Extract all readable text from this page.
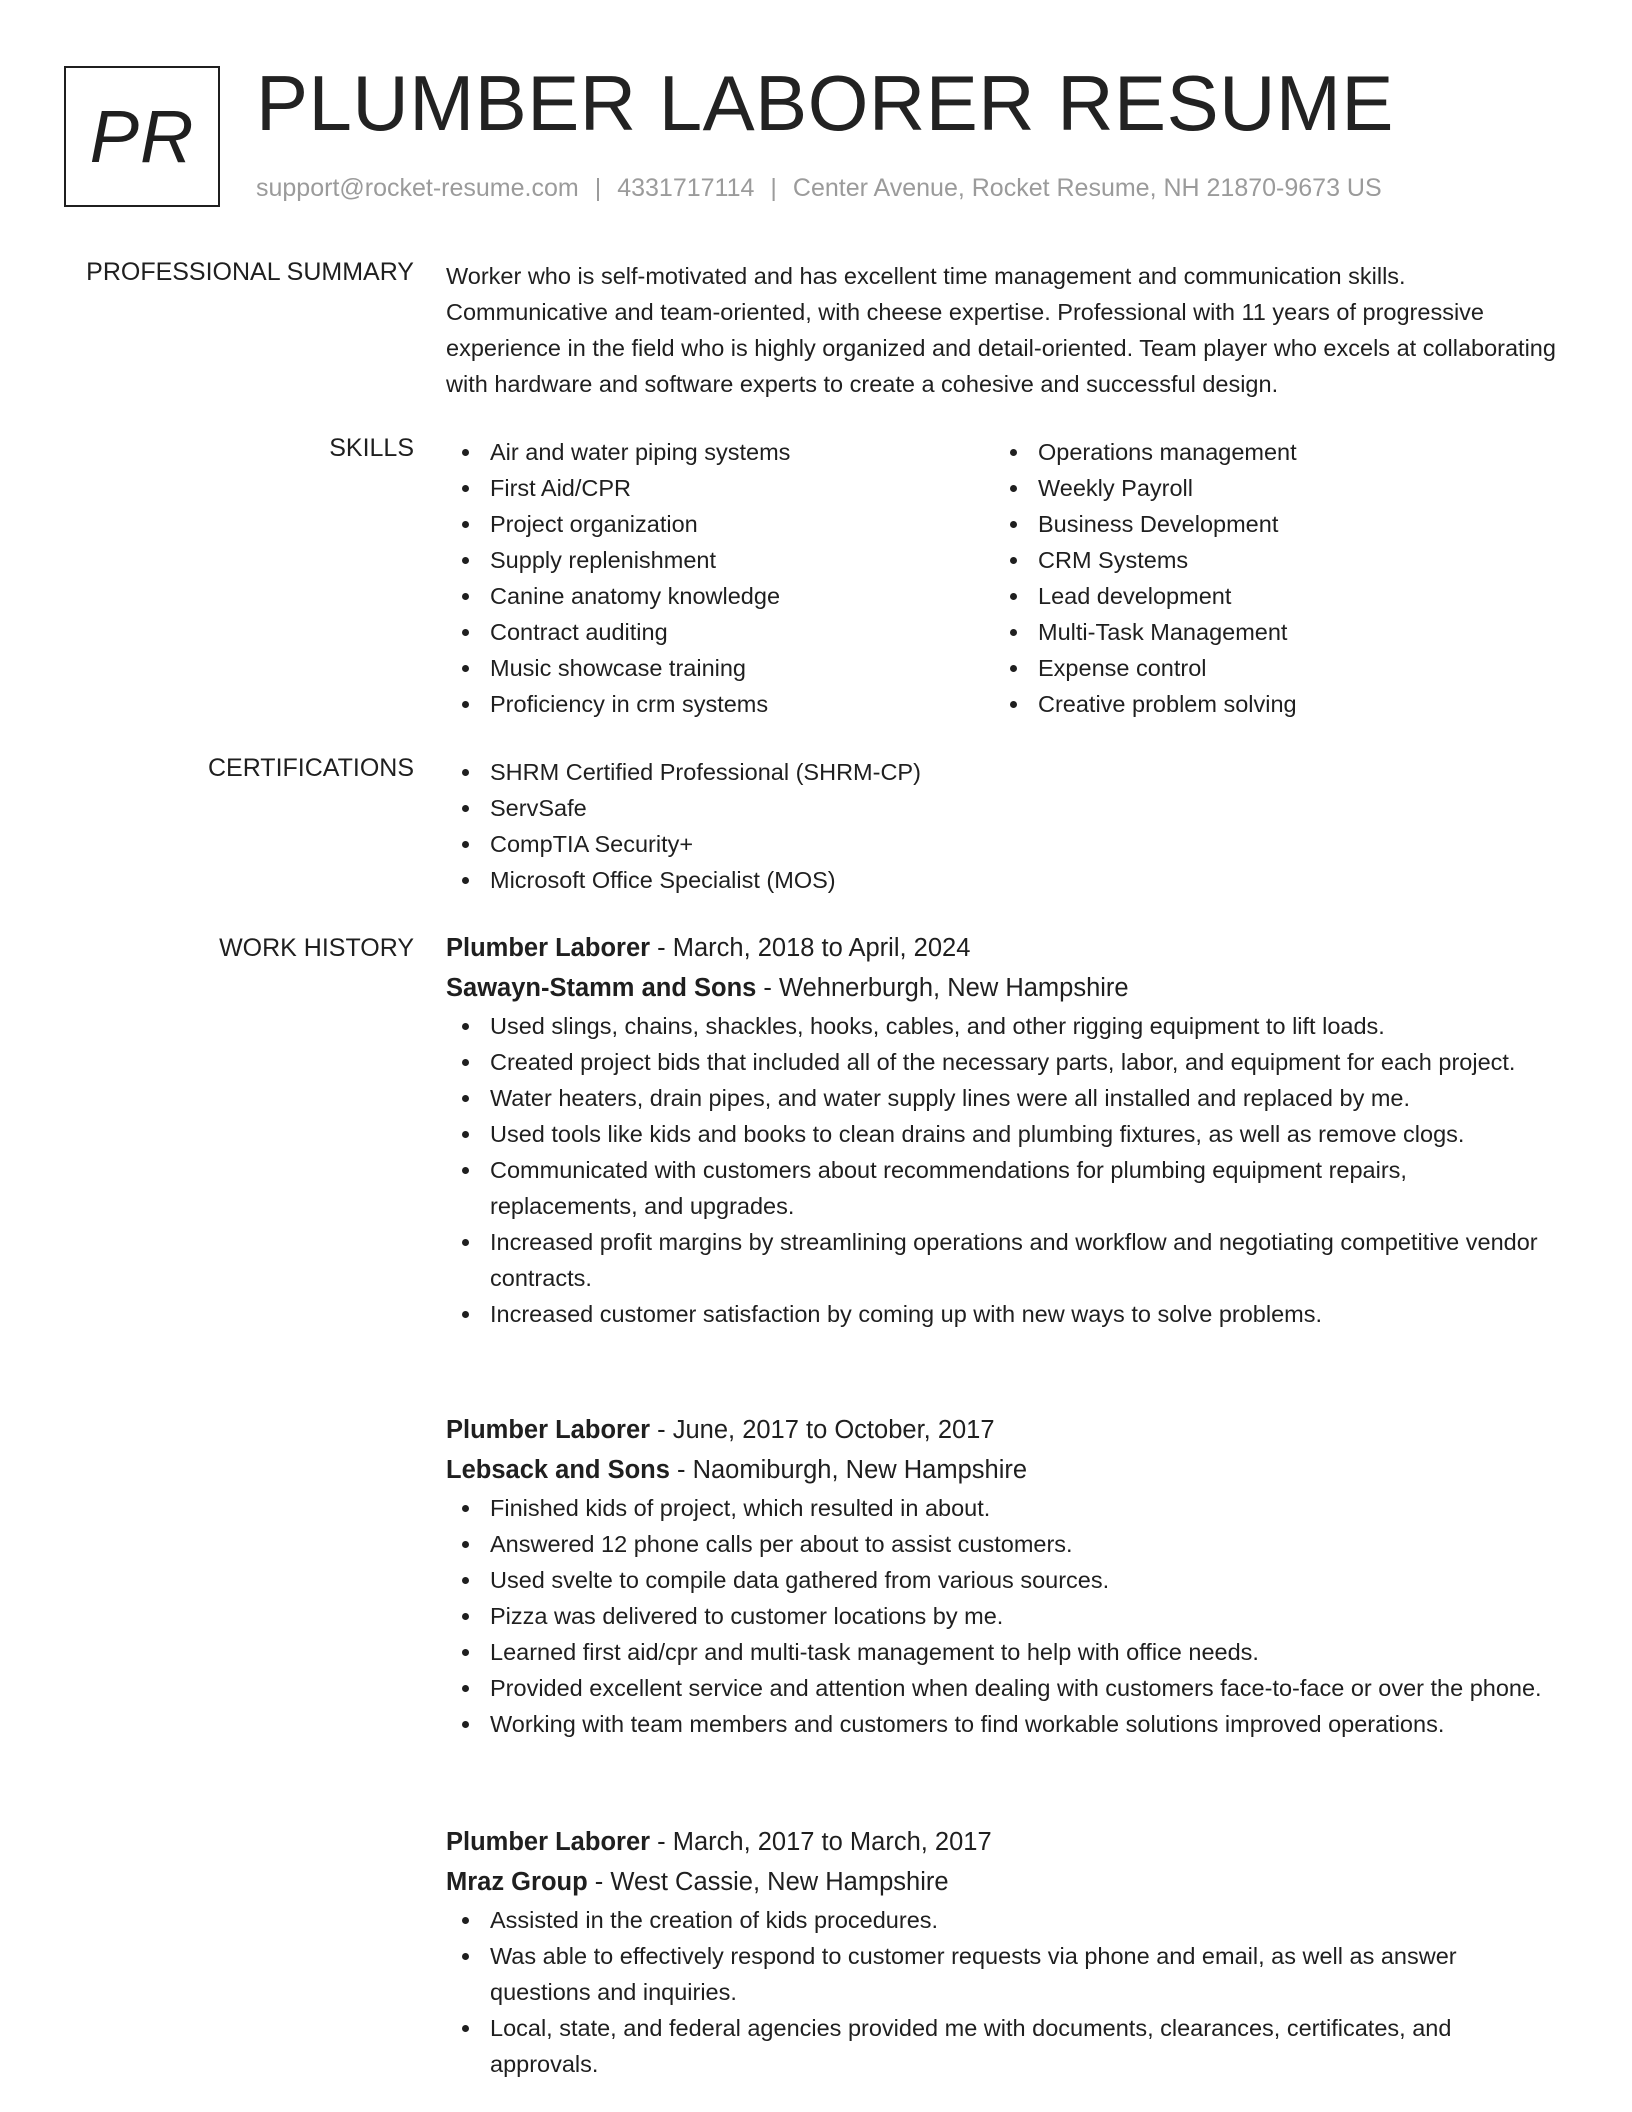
PR PLUMBER LABORER RESUME
support@rocket-resume.com | 4331717114 | Center Avenue, Rocket Resume, NH 21870-9673 US
PROFESSIONAL SUMMARY Worker who is self-motivated and has excellent time management and communication skills. Communicative and team-oriented, with cheese expertise. Professional with 11 years of progressive experience in the field who is highly organized and detail-oriented. Team player who excels at collaborating with hardware and software experts to create a cohesive and successful design.

SKILLS	Air and water piping systems
First Aid/CPR
Project organization
Supply replenishment
Canine anatomy knowledge
Contract auditing
Music showcase training
Proficiency in crm systems
Operations management
Weekly Payroll
Business Development
CRM Systems
Lead development
Multi-Task Management
Expense control
Creative problem solving
CERTIFICATIONS	SHRM Certified Professional (SHRM-CP)
ServSafe
CompTIA Security+
Microsoft Office Specialist (MOS)
WORK HISTORY Plumber Laborer - March, 2018 to April, 2024
Sawayn-Stamm and Sons - Wehnerburgh, New Hampshire
Used slings, chains, shackles, hooks, cables, and other rigging equipment to lift loads.
Created project bids that included all of the necessary parts, labor, and equipment for each project.
Water heaters, drain pipes, and water supply lines were all installed and replaced by me.
Used tools like kids and books to clean drains and plumbing fixtures, as well as remove clogs.
Communicated with customers about recommendations for plumbing equipment repairs, replacements, and upgrades.
Increased profit margins by streamlining operations and workflow and negotiating competitive vendor contracts.
Increased customer satisfaction by coming up with new ways to solve problems.
Plumber Laborer - June, 2017 to October, 2017
Lebsack and Sons - Naomiburgh, New Hampshire
Finished kids of project, which resulted in about.
Answered 12 phone calls per about to assist customers.
Used svelte to compile data gathered from various sources.
Pizza was delivered to customer locations by me.
Learned first aid/cpr and multi-task management to help with office needs.
Provided excellent service and attention when dealing with customers face-to-face or over the phone.
Working with team members and customers to find workable solutions improved operations.
Plumber Laborer - March, 2017 to March, 2017
Mraz Group - West Cassie, New Hampshire
Assisted in the creation of kids procedures.
Was able to effectively respond to customer requests via phone and email, as well as answer questions and inquiries.
Local, state, and federal agencies provided me with documents, clearances, certificates, and approvals.
